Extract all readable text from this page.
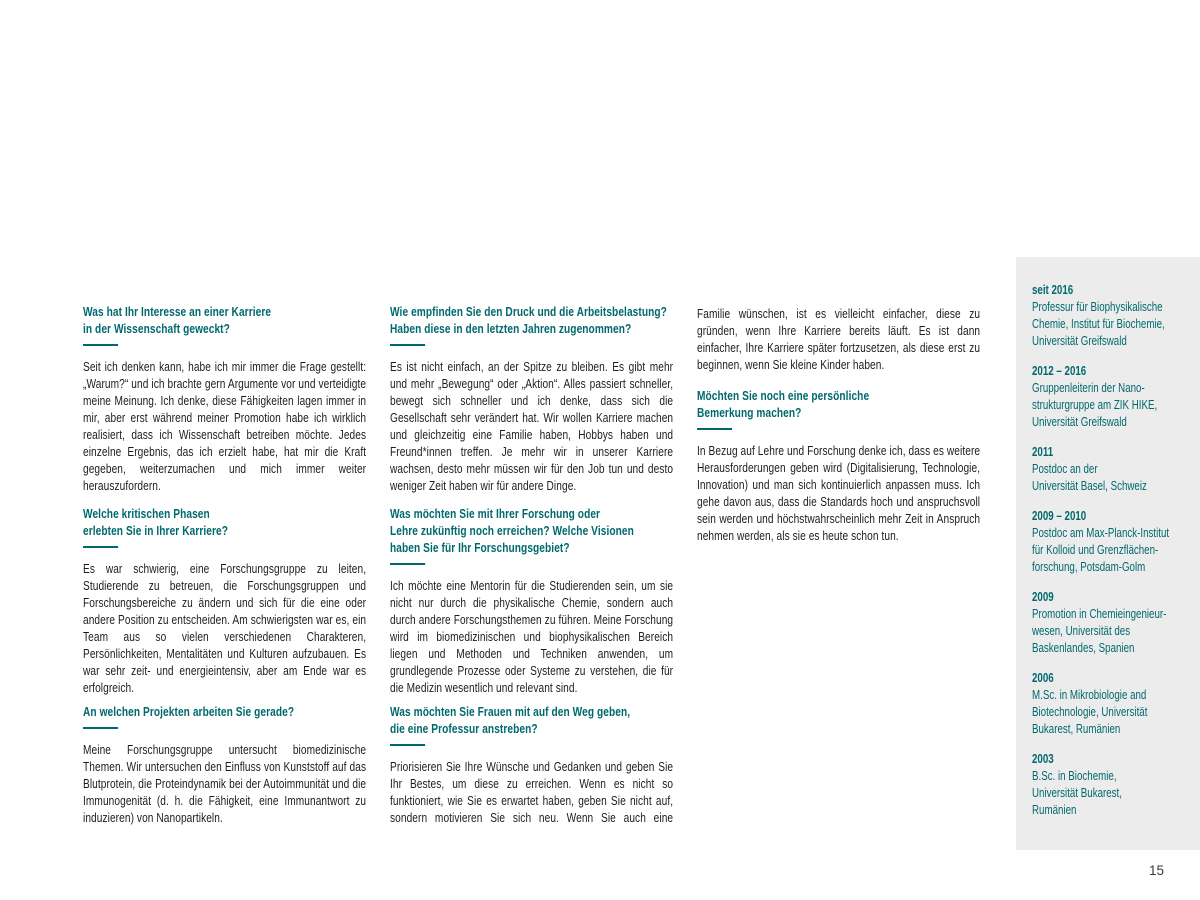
Was hat Ihr Interesse an einer Karriere
in der Wissenschaft geweckt?
Seit ich denken kann, habe ich mir immer die Frage gestellt: „Warum?“ und ich brachte gern Argumente vor und verteidigte meine Meinung. Ich denke, diese Fähigkeiten lagen immer in mir, aber erst während meiner Promotion habe ich wirklich realisiert, dass ich Wissenschaft betreiben möchte. Jedes einzelne Ergebnis, das ich erzielt habe, hat mir die Kraft gegeben, weiterzumachen und mich immer weiter herauszufordern.
Welche kritischen Phasen
erlebten Sie in Ihrer Karriere?
Es war schwierig, eine Forschungsgruppe zu leiten, Studierende zu betreuen, die Forschungsgruppen und Forschungsbereiche zu ändern und sich für die eine oder andere Position zu entscheiden. Am schwierigsten war es, ein Team aus so vielen verschiedenen Charakteren, Persönlichkeiten, Mentalitäten und Kulturen aufzubauen. Es war sehr zeit- und energieintensiv, aber am Ende war es erfolgreich.
An welchen Projekten arbeiten Sie gerade?
Meine Forschungsgruppe untersucht biomedizinische Themen. Wir untersuchen den Einfluss von Kunststoff auf das Blutprotein, die Proteindynamik bei der Autoimmunität und die Immunogenität (d. h. die Fähigkeit, eine Immunantwort zu induzieren) von Nanopartikeln.
Wie empfinden Sie den Druck und die Arbeitsbelastung?
Haben diese in den letzten Jahren zugenommen?
Es ist nicht einfach, an der Spitze zu bleiben. Es gibt mehr und mehr „Bewegung“ oder „Aktion“. Alles passiert schneller, bewegt sich schneller und ich denke, dass sich die Gesellschaft sehr verändert hat. Wir wollen Karriere machen und gleichzeitig eine Familie haben, Hobbys haben und Freund*innen treffen. Je mehr wir in unserer Karriere wachsen, desto mehr müssen wir für den Job tun und desto weniger Zeit haben wir für andere Dinge.
Was möchten Sie mit Ihrer Forschung oder
Lehre zukünftig noch erreichen? Welche Visionen
haben Sie für Ihr Forschungsgebiet?
Ich möchte eine Mentorin für die Studierenden sein, um sie nicht nur durch die physikalische Chemie, sondern auch durch andere Forschungsthemen zu führen. Meine Forschung wird im biomedizinischen und biophysikalischen Bereich liegen und Methoden und Techniken anwenden, um grundlegende Prozesse oder Systeme zu verstehen, die für die Medizin wesentlich und relevant sind.
Was möchten Sie Frauen mit auf den Weg geben,
die eine Professur anstreben?
Priorisieren Sie Ihre Wünsche und Gedanken und geben Sie Ihr Bestes, um diese zu erreichen. Wenn es nicht so funktioniert, wie Sie es erwartet haben, geben Sie nicht auf, sondern motivieren Sie sich neu. Wenn Sie auch eine
Familie wünschen, ist es vielleicht einfacher, diese zu gründen, wenn Ihre Karriere bereits läuft. Es ist dann einfacher, Ihre Karriere später fortzusetzen, als diese erst zu beginnen, wenn Sie kleine Kinder haben.
Möchten Sie noch eine persönliche
Bemerkung machen?
In Bezug auf Lehre und Forschung denke ich, dass es weitere Herausforderungen geben wird (Digitalisierung, Technologie, Innovation) und man sich kontinuierlich anpassen muss. Ich gehe davon aus, dass die Standards hoch und anspruchsvoll sein werden und höchstwahrscheinlich mehr Zeit in Anspruch nehmen werden, als sie es heute schon tun.
seit 2016
Professur für Biophysikalische
Chemie, Institut für Biochemie,
Universität Greifswald
2012 – 2016
Gruppenleiterin der Nano-
strukturgruppe am ZIK HIKE,
Universität Greifswald
2011
Postdoc an der
Universität Basel, Schweiz
2009 – 2010
Postdoc am Max-Planck-Institut
für Kolloid und Grenzflächen-
forschung, Potsdam-Golm
2009
Promotion in Chemieingenieur-
wesen, Universität des
Baskenlandes, Spanien
2006
M.Sc. in Mikrobiologie and
Biotechnologie, Universität
Bukarest, Rumänien
2003
B.Sc. in Biochemie,
Universität Bukarest,
Rumänien
15
